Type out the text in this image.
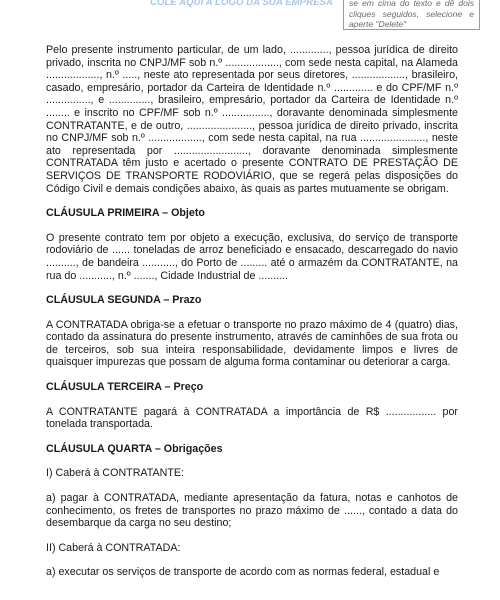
COLE AQUI A LOGO DA SUA EMPRESA	se em cima do texto e dê dois cliques seguidos, selecione e aperte "Delete"

Pelo presente instrumento particular, de um lado, ............., pessoa jurídica de direito privado, inscrita no CNPJ/MF sob n.º .................., com sede nesta capital, na Alameda .................., n.º ....., neste ato representada por seus diretores, .................., brasileiro, casado, empresário, portador da Carteira de Identidade n.º ............. e do CPF/MF n.º ..............., e .............., brasileiro, empresário, portador da Carteira de Identidade n.º ........ e inscrito no CPF/MF sob n.º ................, doravante denominada simplesmente CONTRATANTE, e de outro, ......................, pessoa jurídica de direito privado, inscrita no CNPJ/MF sob n.º .................., com sede nesta capital, na rua ......................, neste ato representada por ........................., doravante denominada simplesmente CONTRATADA têm justo e acertado o presente CONTRATO DE PRESTAÇÃO DE SERVIÇOS DE TRANSPORTE RODOVIÁRIO, que se regerá pelas disposições do Código Civil e demais condições abaixo, às quais as partes mutuamente se obrigam.

CLÁUSULA PRIMEIRA – Objeto

O presente contrato tem por objeto a execução, exclusiva, do serviço de transporte rodoviário de ...... toneladas de arroz beneficiado e ensacado, descarregado do navio .........., de bandeira ..........., do Porto de ......... até o armazém da CONTRATANTE, na rua do ..........., n.º ......., Cidade Industrial de ..........

CLÁUSULA SEGUNDA – Prazo

A CONTRATADA obriga-se a efetuar o transporte no prazo máximo de 4 (quatro) dias, contado da assinatura do presente instrumento, através de caminhões de sua frota ou de terceiros, sob sua inteira responsabilidade, devidamente limpos e livres de quaisquer impurezas que possam de alguma forma contaminar ou deteriorar a carga.

CLÁUSULA TERCEIRA – Preço

A CONTRATANTE pagará à CONTRATADA a importância de R$ ................. por tonelada transportada.

CLÁUSULA QUARTA – Obrigações

I) Caberá à CONTRATANTE:

a) pagar à CONTRATADA, mediante apresentação da fatura, notas e canhotos de conhecimento, os fretes de transportes no prazo máximo de ......, contado a data do desembarque da carga no seu destino;

II) Caberá à CONTRATADA:

a) executar os serviços de transporte de acordo com as normas federal, estadual e
